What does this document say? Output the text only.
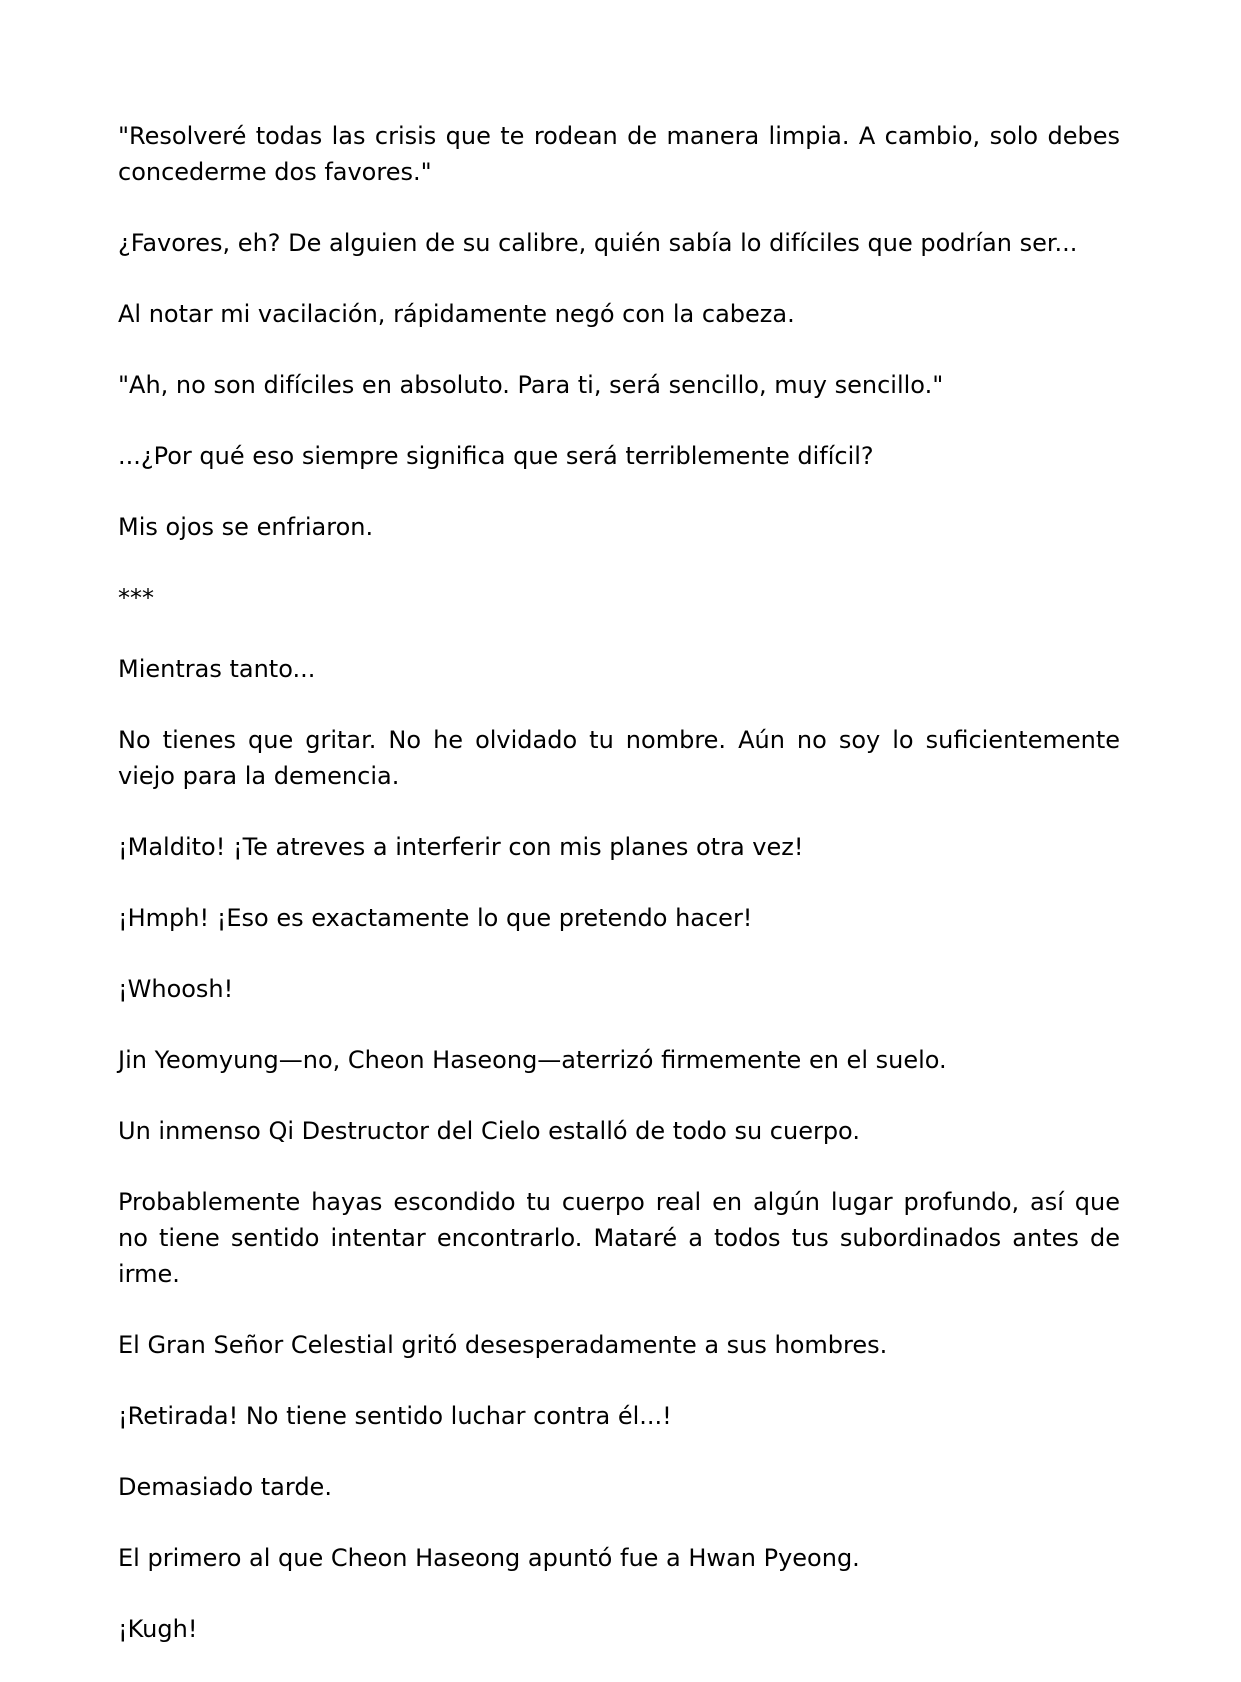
"Resolveré todas las crisis que te rodean de manera limpia. A cambio, solo debes concederme dos favores."

¿Favores, eh? De alguien de su calibre, quién sabía lo difíciles que podrían ser...

Al notar mi vacilación, rápidamente negó con la cabeza.

"Ah, no son difíciles en absoluto. Para ti, será sencillo, muy sencillo."

...¿Por qué eso siempre significa que será terriblemente difícil?

Mis ojos se enfriaron.

***

Mientras tanto...

No tienes que gritar. No he olvidado tu nombre. Aún no soy lo suficientemente viejo para la demencia.

¡Maldito! ¡Te atreves a interferir con mis planes otra vez!

¡Hmph! ¡Eso es exactamente lo que pretendo hacer!

¡Whoosh!

Jin Yeomyung—no, Cheon Haseong—aterrizó firmemente en el suelo.

Un inmenso Qi Destructor del Cielo estalló de todo su cuerpo.

Probablemente hayas escondido tu cuerpo real en algún lugar profundo, así que no tiene sentido intentar encontrarlo. Mataré a todos tus subordinados antes de irme.

El Gran Señor Celestial gritó desesperadamente a sus hombres.

¡Retirada! No tiene sentido luchar contra él...!

Demasiado tarde.

El primero al que Cheon Haseong apuntó fue a Hwan Pyeong.

¡Kugh!
